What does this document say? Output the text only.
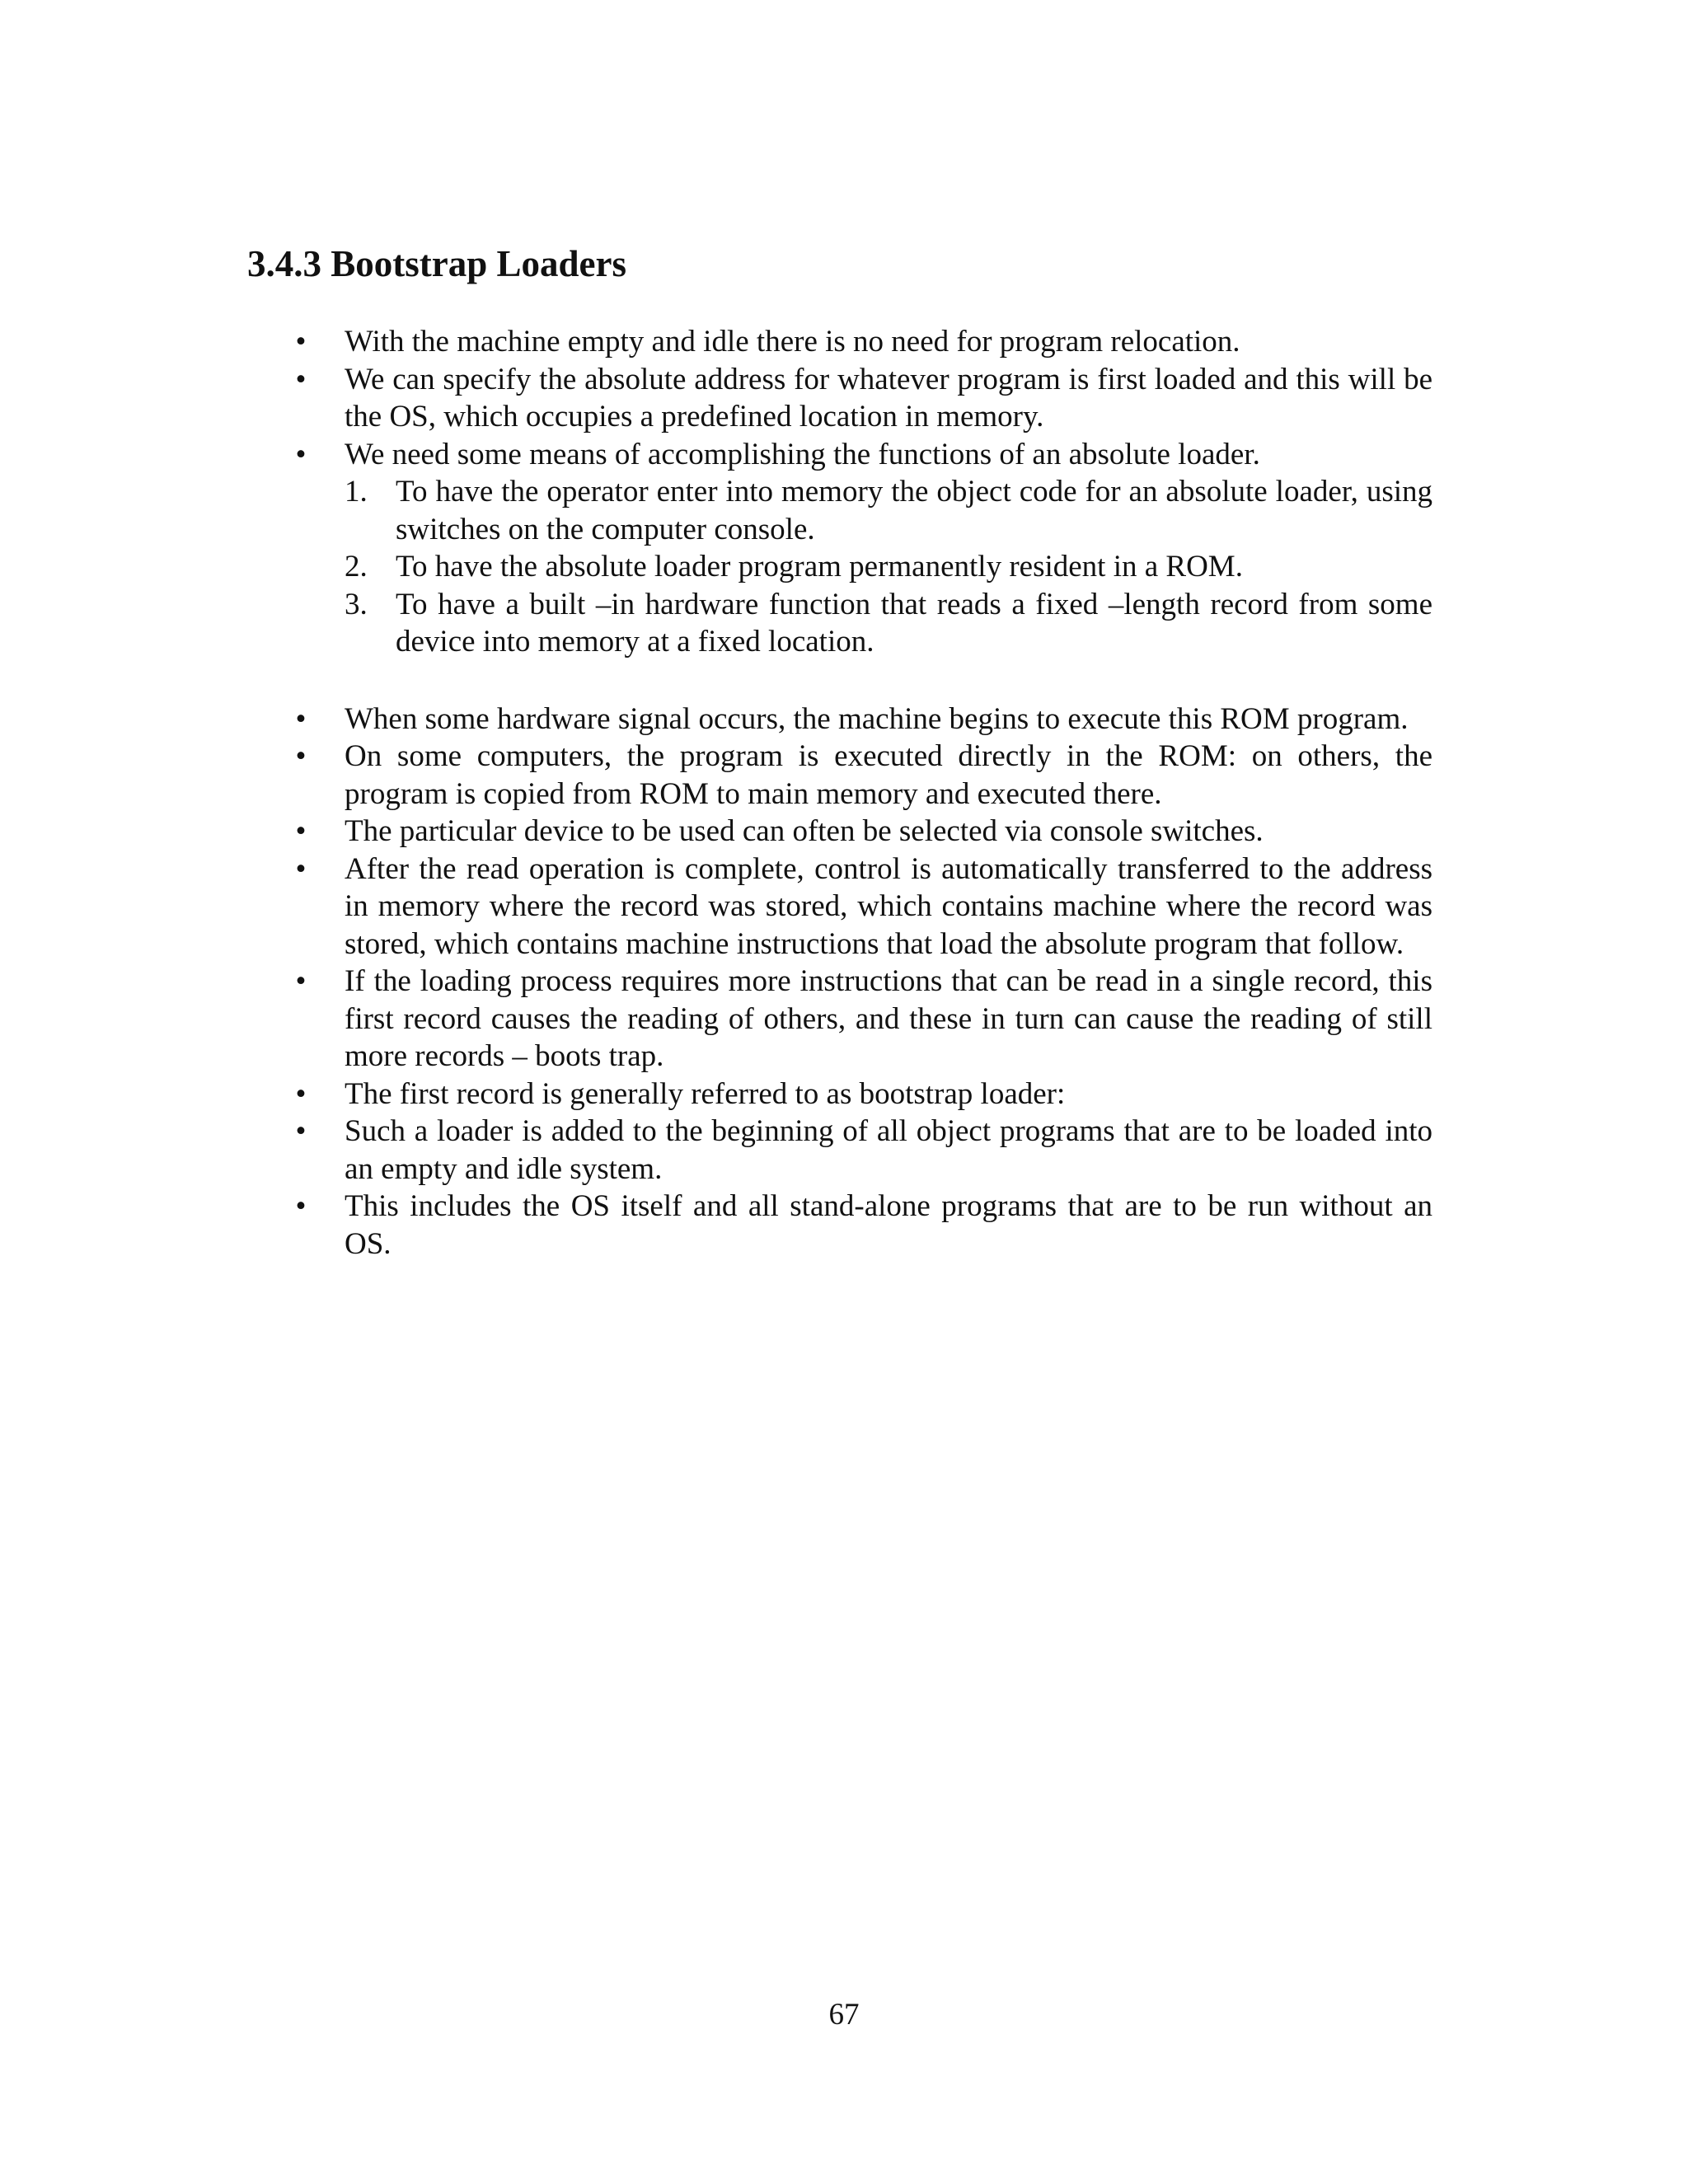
3.4.3 Bootstrap Loaders
• With the machine empty and idle there is no need for program relocation.
• We can specify the absolute address for whatever program is first loaded and this will be the OS, which occupies a predefined location in memory.
• We need some means of accomplishing the functions of an absolute loader.
1. To have the operator enter into memory the object code for an absolute loader, using switches on the computer console.
2. To have the absolute loader program permanently resident in a ROM.
3. To have a built –in hardware function that reads a fixed –length record from some device into memory at a fixed location.
• When some hardware signal occurs, the machine begins to execute this ROM program.
• On some computers, the program is executed directly in the ROM: on others, the program is copied from ROM to main memory and executed there.
• The particular device to be used can often be selected via console switches.
• After the read operation is complete, control is automatically transferred to the address in memory where the record was stored, which contains machine where the record was stored, which contains machine instructions that load the absolute program that follow.
• If the loading process requires more instructions that can be read in a single record, this first record causes the reading of others, and these in turn can cause the reading of still more records – boots trap.
• The first record is generally referred to as bootstrap loader:
• Such a loader is added to the beginning of all object programs that are to be loaded into an empty and idle system.
• This includes the OS itself and all stand-alone programs that are to be run without an OS.
67
